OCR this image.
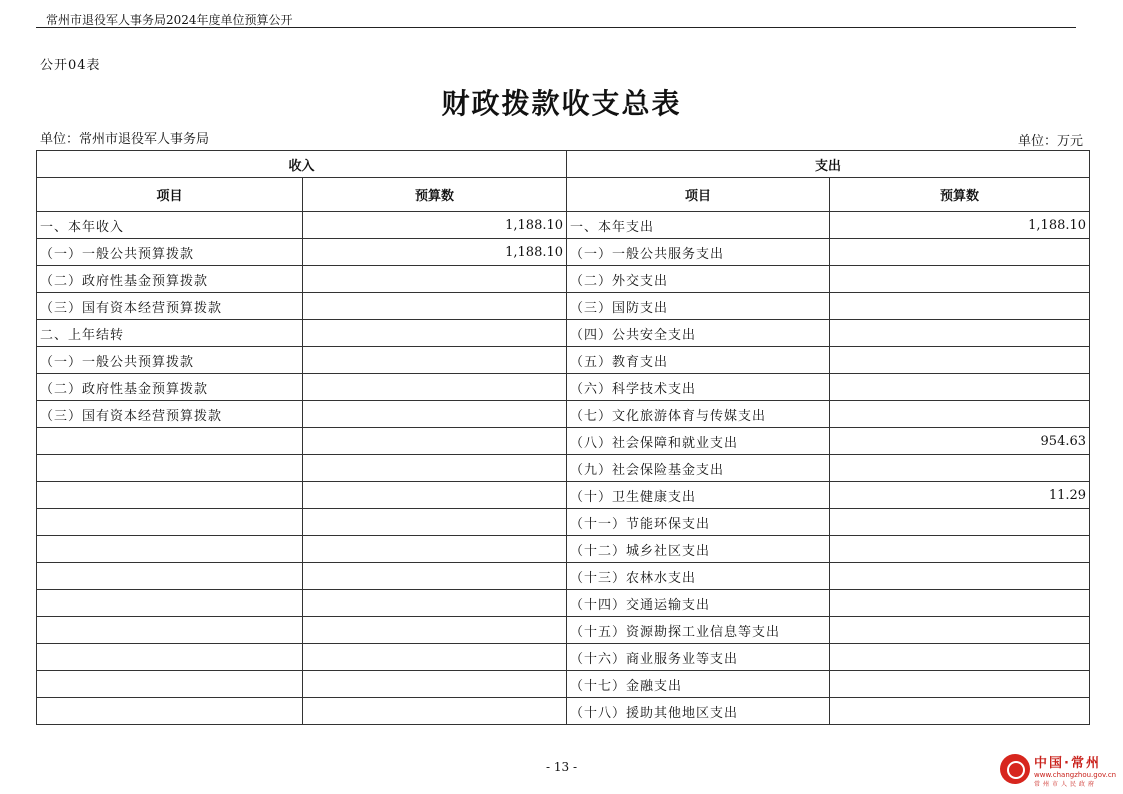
常州市退役军人事务局2024年度单位预算公开
公开04表
财政拨款收支总表
单位：常州市退役军人事务局	单位：万元
收入		支出	
项目	预算数	项目	预算数
一、本年收入	1,188.10	一、本年支出	1,188.10
（一）一般公共预算拨款	1,188.10	（一）一般公共服务支出	
（二）政府性基金预算拨款		（二）外交支出	
（三）国有资本经营预算拨款		（三）国防支出	
二、上年结转		（四）公共安全支出	
（一）一般公共预算拨款		（五）教育支出	
（二）政府性基金预算拨款		（六）科学技术支出	
（三）国有资本经营预算拨款		（七）文化旅游体育与传媒支出	
		（八）社会保障和就业支出	954.63
		（九）社会保险基金支出	
		（十）卫生健康支出	11.29
		（十一）节能环保支出	
		（十二）城乡社区支出	
		（十三）农林水支出	
		（十四）交通运输支出	
		（十五）资源勘探工业信息等支出	
		（十六）商业服务业等支出	
		（十七）金融支出	
		（十八）援助其他地区支出	
- 13 -	中国·常州
www.changzhou.gov.cn
常州市人民政府
